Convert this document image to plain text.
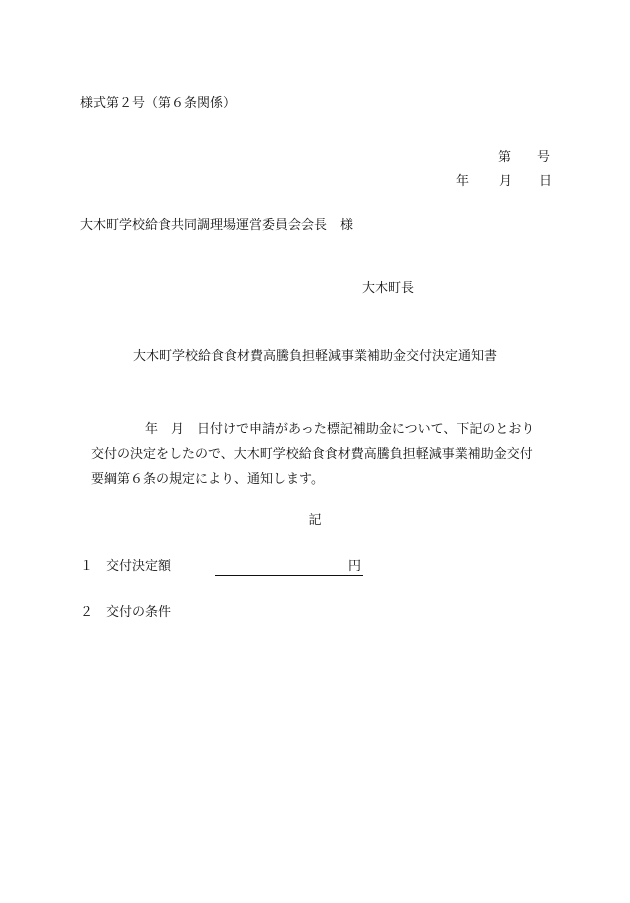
様式第２号（第６条関係）
第 号
年 月 日
大木町学校給食共同調理場運営委員会会長　様
大木町長
大木町学校給食食材費高騰負担軽減事業補助金交付決定通知書

年　月　日付けで申請があった標記補助金について、下記のとおり

交付の決定をしたので、大木町学校給食食材費高騰負担軽減事業補助金交付

要綱第６条の規定により、通知します。

記
１ 交付決定額	円
２ 交付の条件
